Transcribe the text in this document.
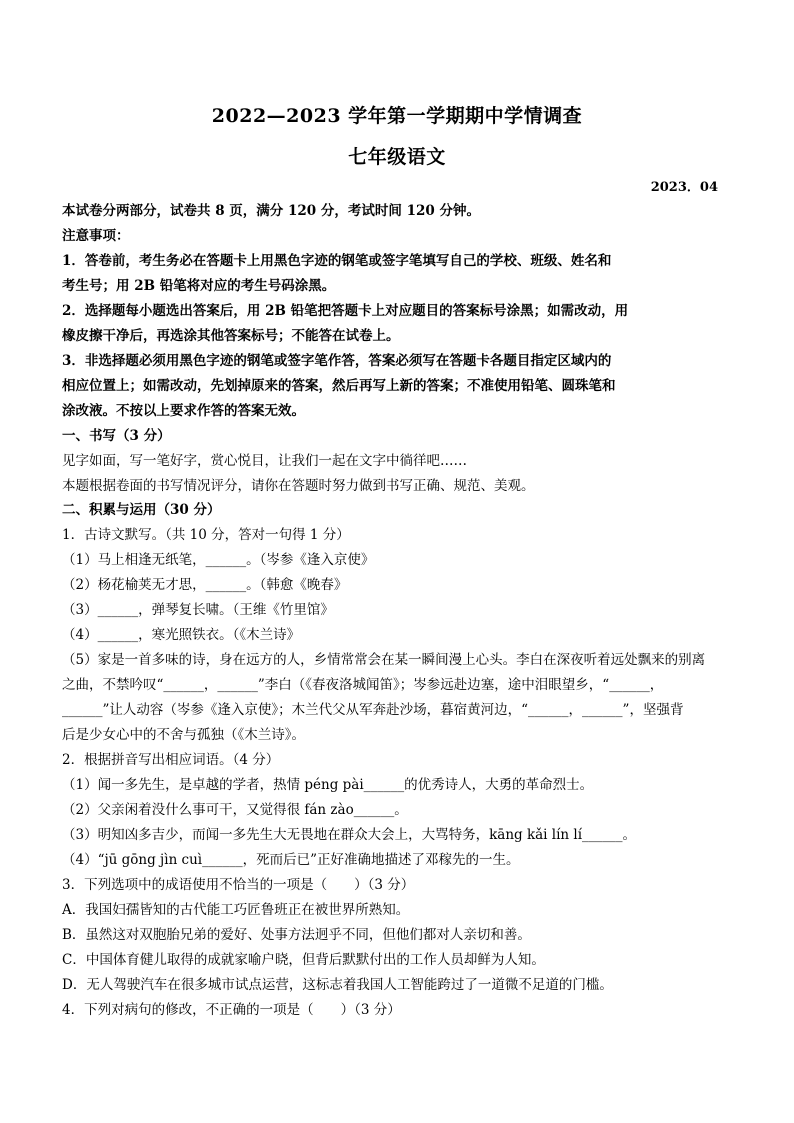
2022—2023 学年第一学期期中学情调查
七年级语文
2023．04
本试卷分两部分，试卷共 8 页，满分 120 分，考试时间 120 分钟。
注意事项：
1．答卷前，考生务必在答题卡上用黑色字迹的钢笔或签字笔填写自己的学校、班级、姓名和
考生号；用 2B 铅笔将对应的考生号码涂黑。
2．选择题每小题选出答案后，用 2B 铅笔把答题卡上对应题目的答案标号涂黑；如需改动，用
橡皮擦干净后，再选涂其他答案标号；不能答在试卷上。
3．非选择题必须用黑色字迹的钢笔或签字笔作答，答案必须写在答题卡各题目指定区域内的
相应位置上；如需改动，先划掉原来的答案，然后再写上新的答案；不准使用铅笔、圆珠笔和
涂改液。不按以上要求作答的答案无效。
一、书写（3 分）
见字如面，写一笔好字，赏心悦目，让我们一起在文字中徜徉吧……
本题根据卷面的书写情况评分，请你在答题时努力做到书写正确、规范、美观。
二、积累与运用（30 分）
1．古诗文默写。（共 10 分，答对一句得 1 分）
（1）马上相逢无纸笔，______。（岑参《逢入京使》
（2）杨花榆荚无才思，______。（韩愈《晚春》
（3）______，弹琴复长啸。（王维《竹里馆》
（4）______，寒光照铁衣。（《木兰诗》
（5）家是一首多味的诗，身在远方的人，乡情常常会在某一瞬间漫上心头。李白在深夜听着远处飘来的别离
之曲，不禁吟叹“______，______”李白（《春夜洛城闻笛》；岑参远赴边塞，途中泪眼望乡，“______，
______”让人动容（岑参《逢入京使》；木兰代父从军奔赴沙场，暮宿黄河边，“______，______”，坚强背
后是少女心中的不舍与孤独（《木兰诗》。
2．根据拼音写出相应词语。（4 分）
（1）闻一多先生，是卓越的学者，热情 péng pài______的优秀诗人，大勇的革命烈士。
（2）父亲闲着没什么事可干，又觉得很 fán zào______。
（3）明知凶多吉少，而闻一多先生大无畏地在群众大会上，大骂特务，kāng kǎi lín lí______。
（4）“jū gōng jìn cuì______，死而后已”正好准确地描述了邓稼先的一生。
3．下列选项中的成语使用不恰当的一项是（　　）（3 分）
A．我国妇孺皆知的古代能工巧匠鲁班正在被世界所熟知。
B．虽然这对双胞胎兄弟的爱好、处事方法迥乎不同，但他们都对人亲切和善。
C．中国体育健儿取得的成就家喻户晓，但背后默默付出的工作人员却鲜为人知。
D．无人驾驶汽车在很多城市试点运营，这标志着我国人工智能跨过了一道微不足道的门槛。
4．下列对病句的修改，不正确的一项是（　　）（3 分）
